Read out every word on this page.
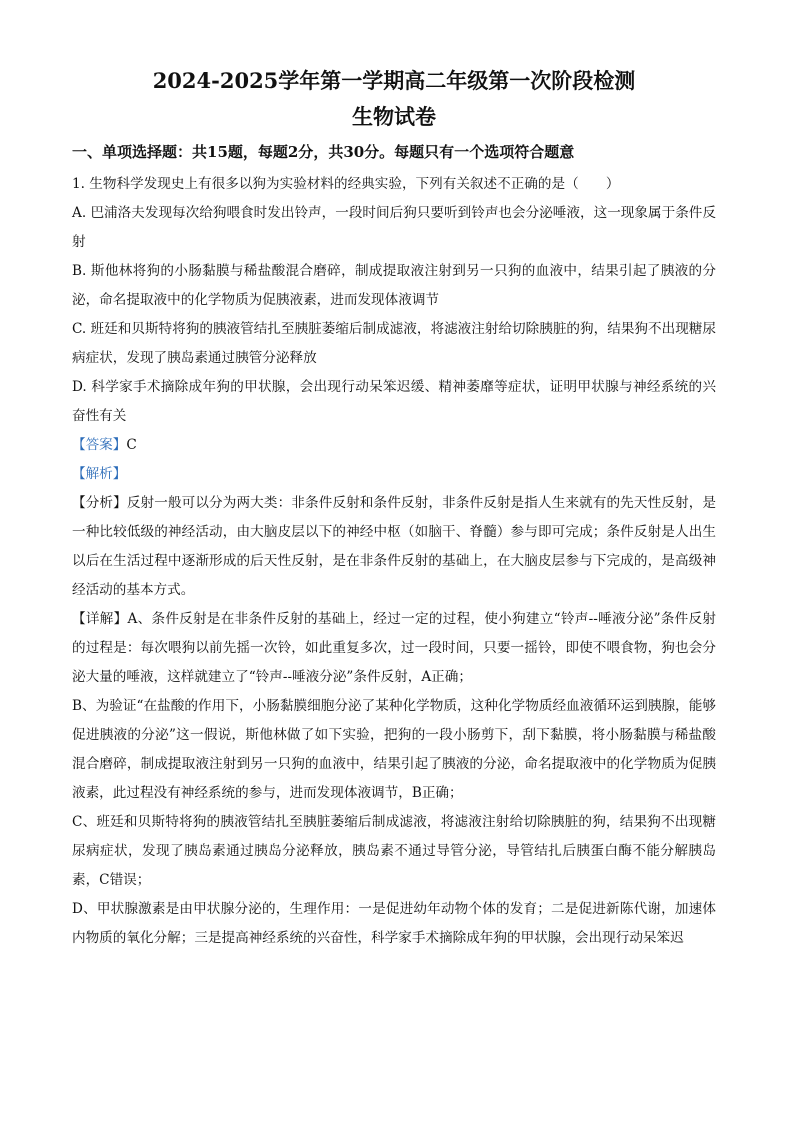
2024-2025学年第一学期高二年级第一次阶段检测
生物试卷
一、单项选择题：共15题，每题2分，共30分。每题只有一个选项符合题意

1. 生物科学发现史上有很多以狗为实验材料的经典实验，下列有关叙述不正确的是（　　）

A. 巴浦洛夫发现每次给狗喂食时发出铃声，一段时间后狗只要听到铃声也会分泌唾液，这一现象属于条件反射

B. 斯他林将狗的小肠黏膜与稀盐酸混合磨碎，制成提取液注射到另一只狗的血液中，结果引起了胰液的分泌，命名提取液中的化学物质为促胰液素，进而发现体液调节

C. 班廷和贝斯特将狗的胰液管结扎至胰脏萎缩后制成滤液，将滤液注射给切除胰脏的狗，结果狗不出现糖尿病症状，发现了胰岛素通过胰管分泌释放

D. 科学家手术摘除成年狗的甲状腺，会出现行动呆笨迟缓、精神萎靡等症状，证明甲状腺与神经系统的兴奋性有关

【答案】C

【解析】

【分析】反射一般可以分为两大类：非条件反射和条件反射，非条件反射是指人生来就有的先天性反射，是一种比较低级的神经活动，由大脑皮层以下的神经中枢（如脑干、脊髓）参与即可完成；条件反射是人出生以后在生活过程中逐渐形成的后天性反射，是在非条件反射的基础上，在大脑皮层参与下完成的，是高级神经活动的基本方式。

【详解】A、条件反射是在非条件反射的基础上，经过一定的过程，使小狗建立“铃声--唾液分泌”条件反射的过程是：每次喂狗以前先摇一次铃，如此重复多次，过一段时间，只要一摇铃，即使不喂食物，狗也会分泌大量的唾液，这样就建立了“铃声--唾液分泌”条件反射，A正确；

B、为验证“在盐酸的作用下，小肠黏膜细胞分泌了某种化学物质，这种化学物质经血液循环运到胰腺，能够促进胰液的分泌”这一假说，斯他林做了如下实验，把狗的一段小肠剪下，刮下黏膜，将小肠黏膜与稀盐酸混合磨碎，制成提取液注射到另一只狗的血液中，结果引起了胰液的分泌，命名提取液中的化学物质为促胰液素，此过程没有神经系统的参与，进而发现体液调节，B正确；

C、班廷和贝斯特将狗的胰液管结扎至胰脏萎缩后制成滤液，将滤液注射给切除胰脏的狗，结果狗不出现糖尿病症状，发现了胰岛素通过胰岛分泌释放，胰岛素不通过导管分泌，导管结扎后胰蛋白酶不能分解胰岛素，C错误；

D、甲状腺激素是由甲状腺分泌的，生理作用：一是促进幼年动物个体的发育；二是促进新陈代谢，加速体内物质的氧化分解；三是提高神经系统的兴奋性，科学家手术摘除成年狗的甲状腺，会出现行动呆笨迟
